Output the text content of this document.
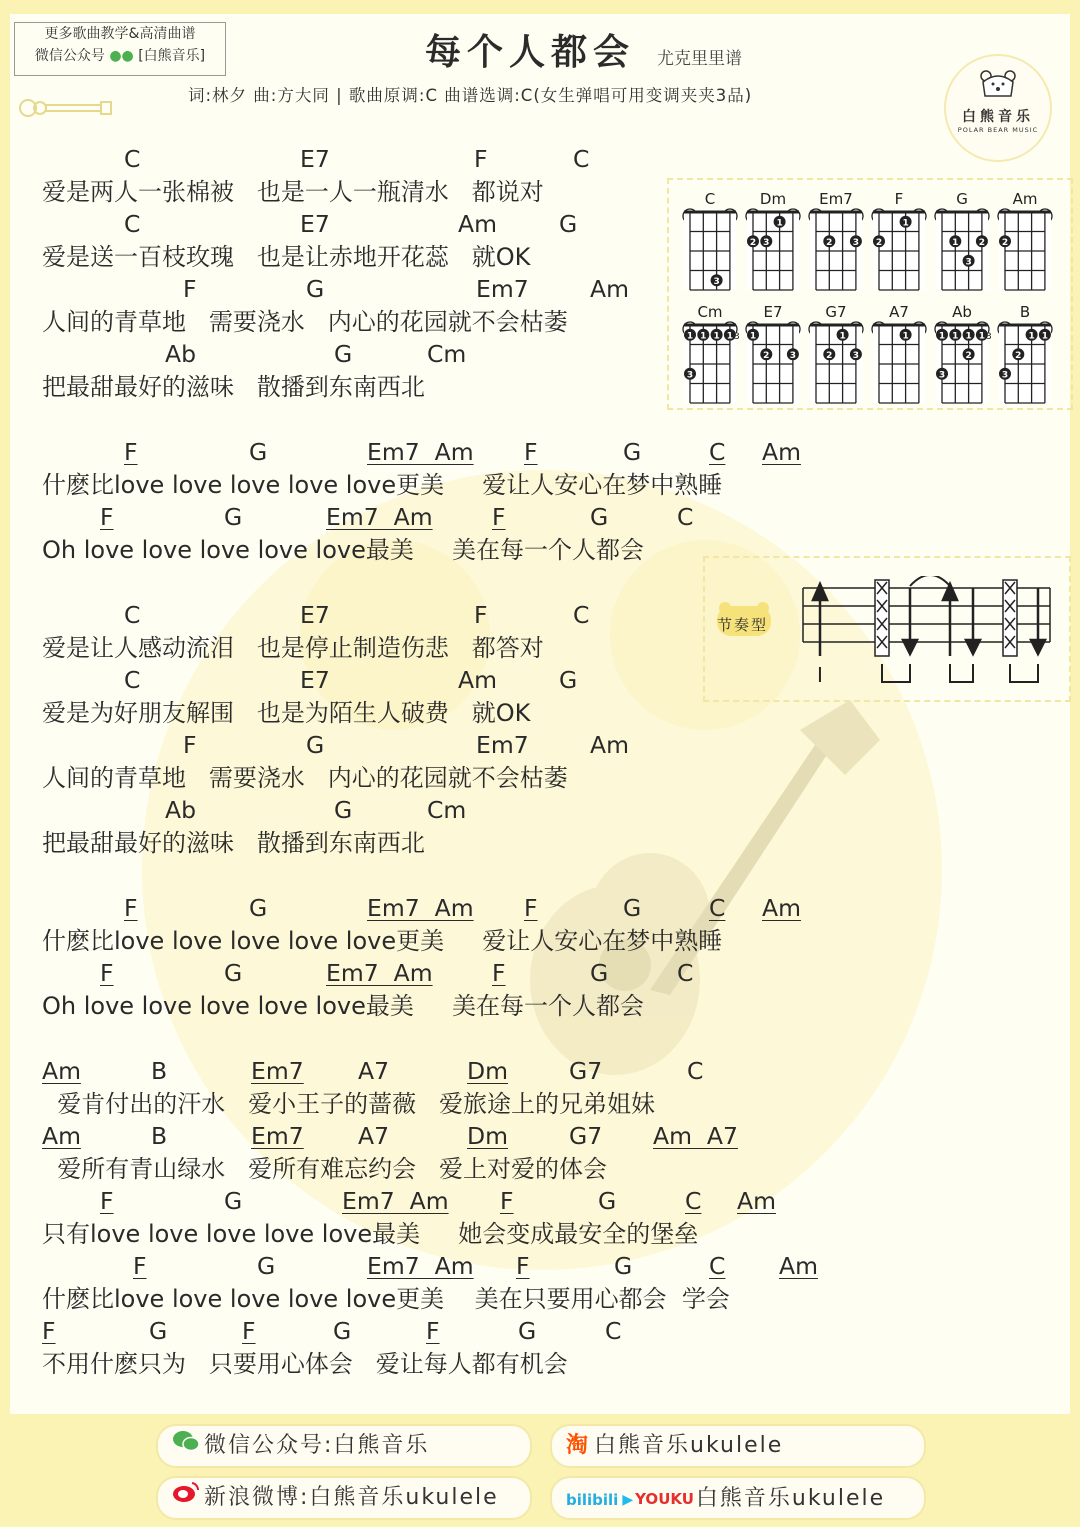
更多歌曲教学&高清曲谱
微信公众号 ●● [白熊音乐]	每个人都会 尤克里里谱
词:林夕 曲:方大同 | 歌曲原调:C 曲谱选调:C(女生弹唱可用变调夹夹3品)
白熊音乐
POLAR BEAR MUSIC
C
3
Dm
1
2 3
Em7
2 3
F
1
2
G
1 2
3
Am
2
Cm
1 1 1 1
3
3
E7
1
2 3
G7
1
2 3
A7
1
Ab
1 1 1 1
2
3
3
B
1 1
2
3
节奏型
I
C	E7	F	C
爱是两人一张棉被   也是一人一瓶清水   都说对
C	E7	Am	G
爱是送一百枝玫瑰   也是让赤地开花蕊   就OK
F	G	Em7	Am
人间的青草地   需要浇水   内心的花园就不会枯萎
Ab	G	Cm
把最甜最好的滋味   散播到东南西北
F	G	Em7  Am	F	G	C	Am
什麽比love love love love love更美     爱让人安心在梦中熟睡
F	G	Em7  Am	F	G	C
Oh love love love love love最美     美在每一个人都会
C	E7	F	C
爱是让人感动流泪   也是停止制造伤悲   都答对
C	E7	Am	G
爱是为好朋友解围   也是为陌生人破费   就OK
F	G	Em7	Am
人间的青草地   需要浇水   内心的花园就不会枯萎
Ab	G	Cm
把最甜最好的滋味   散播到东南西北
F	G	Em7  Am	F	G	C	Am
什麽比love love love love love更美     爱让人安心在梦中熟睡
F	G	Em7  Am	F	G	C
Oh love love love love love最美     美在每一个人都会
Am	B	Em7	A7	Dm	G7	C
爱肯付出的汗水   爱小王子的蔷薇   爱旅途上的兄弟姐妹
Am	B	Em7	A7	Dm	G7 Am  A7
爱所有青山绿水   爱所有难忘约会   爱上对爱的体会
F	G	Em7  Am	F	G	C	Am
只有love love love love love最美     她会变成最安全的堡垒
F	G	Em7  Am	F	G	C	Am
什麽比love love love love love更美    美在只要用心都会  学会
F	G	F	G	F	G	C
不用什麽只为   只要用心体会   爱让每人都有机会
微信公众号:白熊音乐	淘 白熊音乐ukulele
新浪微博:白熊音乐ukulele	bilibili ▶YOUKU白熊音乐ukulele
